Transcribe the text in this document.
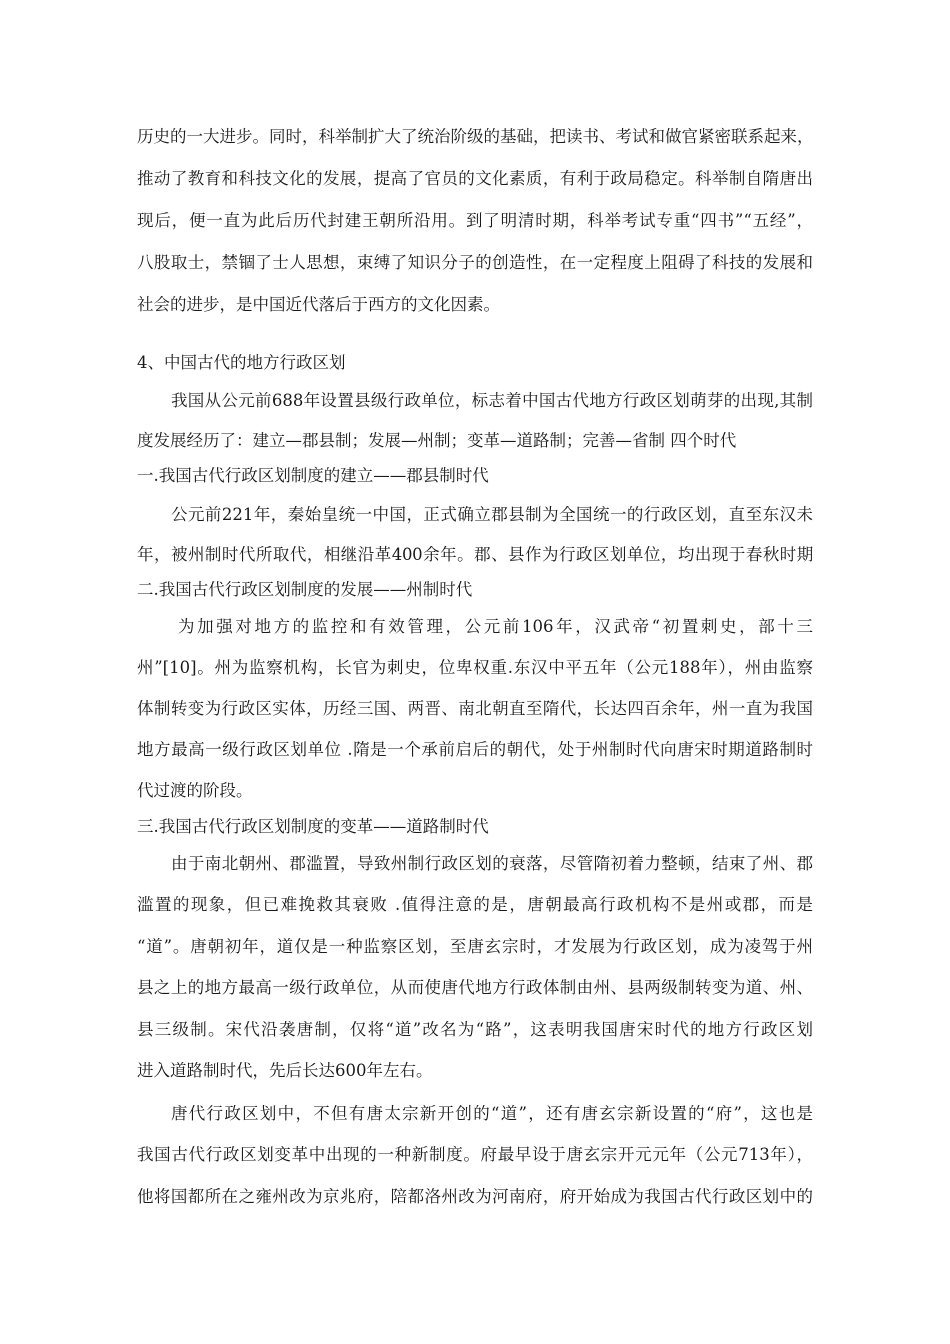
历史的一大进步。同时，科举制扩大了统治阶级的基础，把读书、考试和做官紧密联系起来，
推动了教育和科技文化的发展，提高了官员的文化素质，有利于政局稳定。科举制自隋唐出
现后，便一直为此后历代封建王朝所沿用。到了明清时期，科举考试专重“四书”“五经”，
八股取士，禁锢了士人思想，束缚了知识分子的创造性，在一定程度上阻碍了科技的发展和
社会的进步，是中国近代落后于西方的文化因素。
4、中国古代的地方行政区划
我国从公元前688年设置县级行政单位，标志着中国古代地方行政区划萌芽的出现,其制
度发展经历了：建立—郡县制；发展—州制；变革—道路制；完善—省制 四个时代
一.我国古代行政区划制度的建立——郡县制时代
公元前221年，秦始皇统一中国，正式确立郡县制为全国统一的行政区划，直至东汉未
年，被州制时代所取代，相继沿革400余年。郡、县作为行政区划单位，均出现于春秋时期
二.我国古代行政区划制度的发展——州制时代
为加强对地方的监控和有效管理，公元前106年，汉武帝“初置刺史，部十三
州”[10]。州为监察机构，长官为刺史，位卑权重.东汉中平五年（公元188年），州由监察
体制转变为行政区实体，历经三国、两晋、南北朝直至隋代，长达四百余年，州一直为我国
地方最高一级行政区划单位 .隋是一个承前启后的朝代，处于州制时代向唐宋时期道路制时
代过渡的阶段。
三.我国古代行政区划制度的变革——道路制时代
由于南北朝州、郡滥置，导致州制行政区划的衰落，尽管隋初着力整顿，结束了州、郡
滥置的现象，但已难挽救其衰败 .值得注意的是，唐朝最高行政机构不是州或郡，而是
“道”。唐朝初年，道仅是一种监察区划，至唐玄宗时，才发展为行政区划，成为凌驾于州
县之上的地方最高一级行政单位，从而使唐代地方行政体制由州、县两级制转变为道、州、
县三级制。宋代沿袭唐制，仅将“道”改名为“路”，这表明我国唐宋时代的地方行政区划
进入道路制时代，先后长达600年左右。
唐代行政区划中，不但有唐太宗新开创的“道”，还有唐玄宗新设置的“府”，这也是
我国古代行政区划变革中出现的一种新制度。府最早设于唐玄宗开元元年（公元713年），
他将国都所在之雍州改为京兆府，陪都洛州改为河南府，府开始成为我国古代行政区划中的
